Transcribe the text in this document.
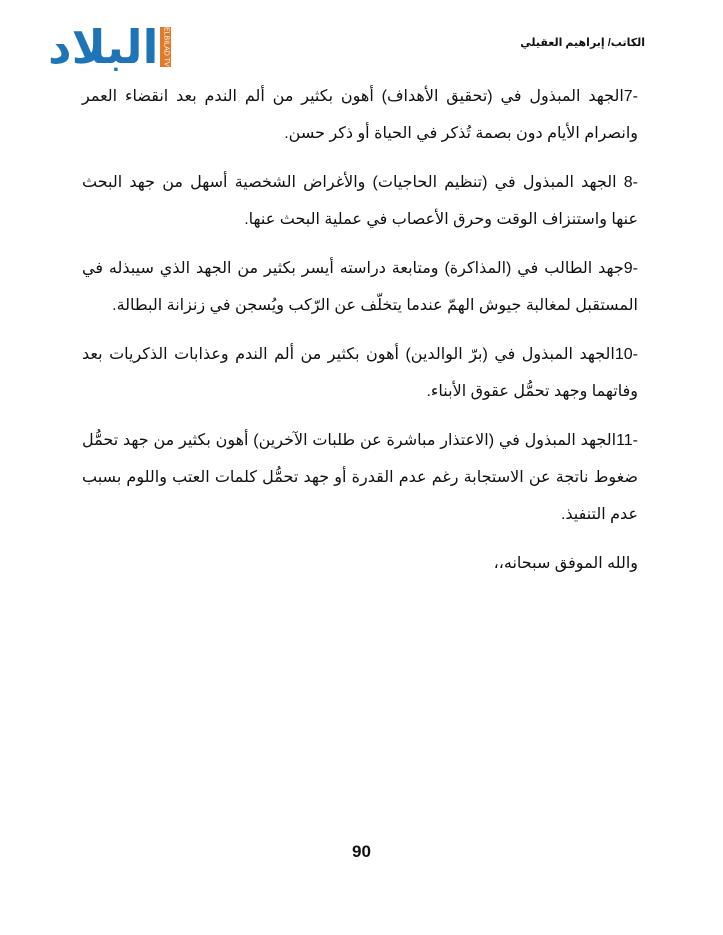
البلاد ELBILAD TV	الكاتب/ إبراهيم العقيلي

-7الجهد المبذول في (تحقيق الأهداف) أهون بكثير من ألم الندم بعد انقضاء العمر وانصرام الأيام دون بصمة تُذكر في الحياة أو ذكر حسن.

-8 الجهد المبذول في (تنظيم الحاجيات) والأغراض الشخصية أسهل من جهد البحث عنها واستنزاف الوقت وحرق الأعصاب في عملية البحث عنها.

-9جهد الطالب في (المذاكرة) ومتابعة دراسته أيسر بكثير من الجهد الذي سيبذله في المستقبل لمغالبة جيوش الهمّ عندما يتخلّف عن الرّكب ويُسجن في زنزانة البطالة.

-10الجهد المبذول في (برّ الوالدين) أهون بكثير من ألم الندم وعذابات الذكريات بعد وفاتهما وجهد تحمُّل عقوق الأبناء.

-11الجهد المبذول في (الاعتذار مباشرة عن طلبات الآخرين) أهون بكثير من جهد تحمُّل ضغوط ناتجة عن الاستجابة رغم عدم القدرة أو جهد تحمُّل كلمات العتب واللوم بسبب عدم التنفيذ.

والله الموفق سبحانه،،

90
